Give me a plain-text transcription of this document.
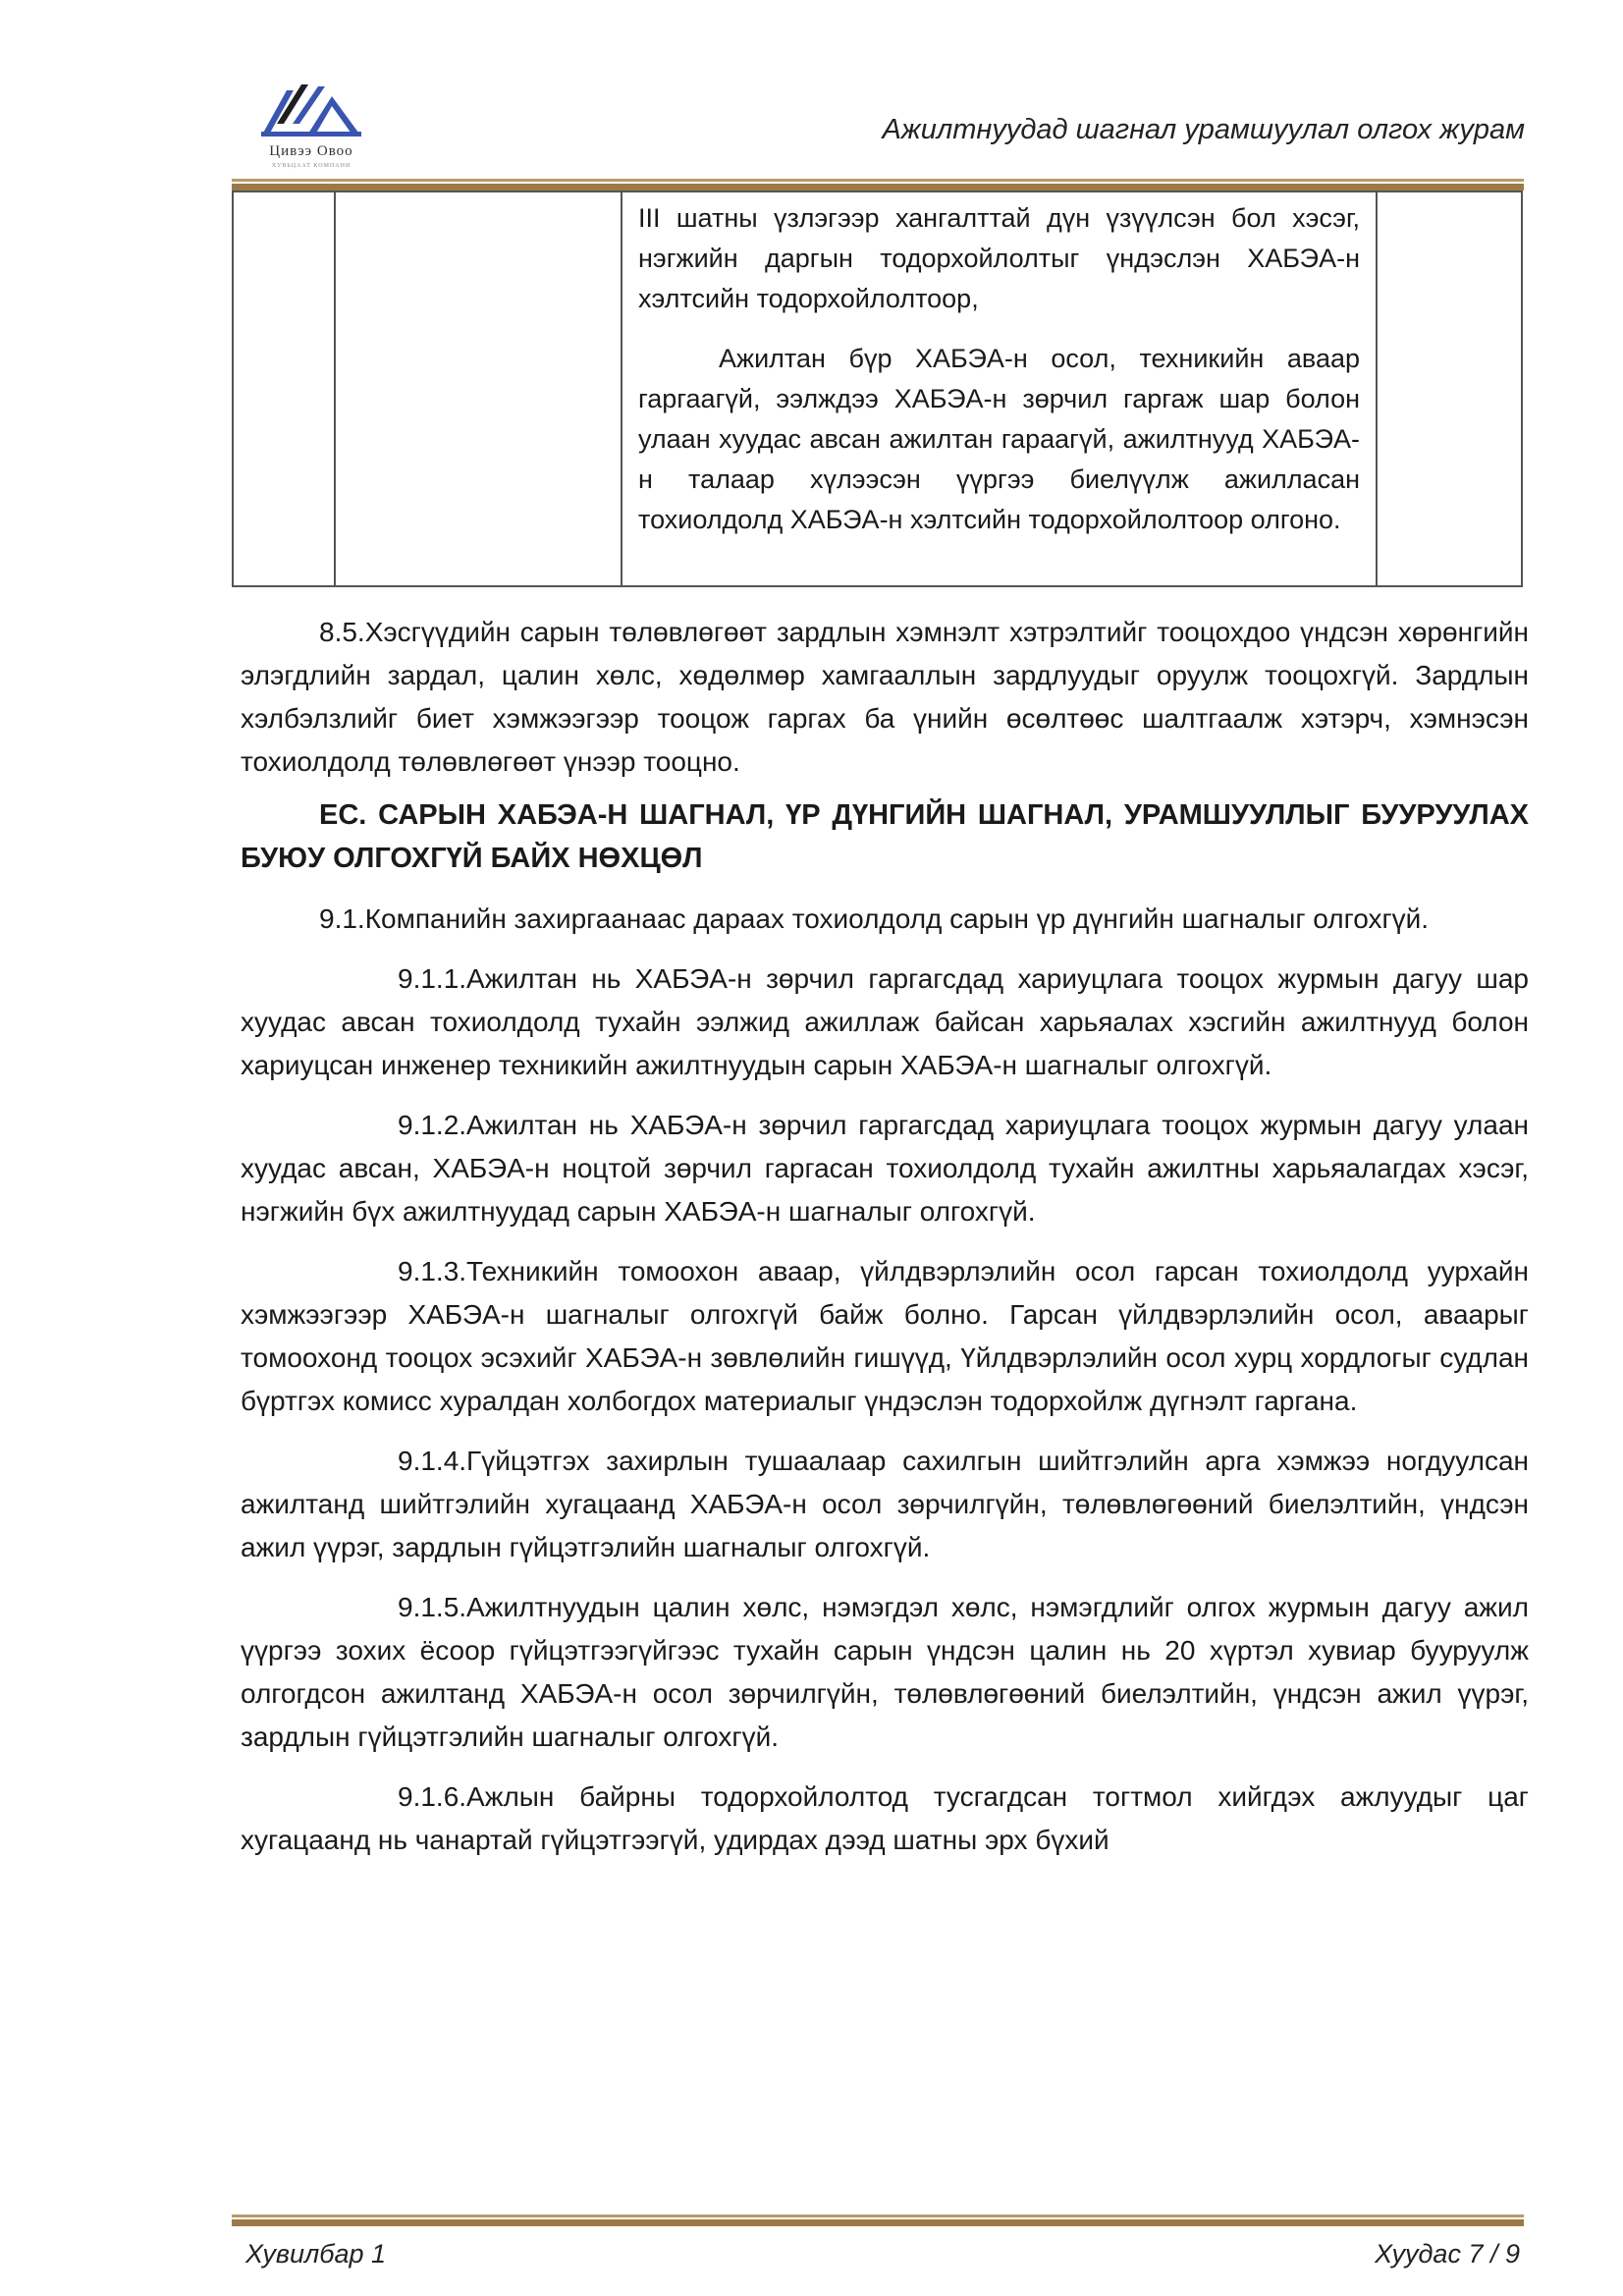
Цивээ Овоо
ХУВЬЦААТ КОМПАНИ
Ажилтнуудад шагнал урамшуулал олгох журам

III шатны үзлэгээр хангалттай дүн үзүүлсэн бол хэсэг, нэгжийн даргын тодорхойлолтыг үндэслэн ХАБЭА-н хэлтсийн тодорхойлолтоор,

Ажилтан бүр ХАБЭА-н осол, техникийн аваар гаргаагүй, ээлждээ ХАБЭА-н зөрчил гаргаж шар болон улаан хуудас авсан ажилтан гараагүй, ажилтнууд ХАБЭА-н талаар хүлээсэн үүргээ биелүүлж ажилласан тохиолдолд ХАБЭА-н хэлтсийн тодорхойлолтоор олгоно.

8.5.Хэсгүүдийн сарын төлөвлөгөөт зардлын хэмнэлт хэтрэлтийг тооцохдоо үндсэн хөрөнгийн элэгдлийн зардал, цалин хөлс, хөдөлмөр хамгааллын зардлуудыг оруулж тооцохгүй. Зардлын хэлбэлзлийг биет хэмжээгээр тооцож гаргах ба үнийн өсөлтөөс шалтгаалж хэтэрч, хэмнэсэн тохиолдолд төлөвлөгөөт үнээр тооцно.

ЕС. САРЫН ХАБЭА-Н ШАГНАЛ, ҮР ДҮНГИЙН ШАГНАЛ, УРАМШУУЛЛЫГ БУУРУУЛАХ БУЮУ ОЛГОХГҮЙ БАЙХ НӨХЦӨЛ

9.1.Компанийн захиргаанаас дараах тохиолдолд сарын үр дүнгийн шагналыг олгохгүй.

9.1.1.Ажилтан нь ХАБЭА-н зөрчил гаргагсдад хариуцлага тооцох журмын дагуу шар хуудас авсан тохиолдолд тухайн ээлжид ажиллаж байсан харьяалах хэсгийн ажилтнууд болон хариуцсан инженер техникийн ажилтнуудын сарын ХАБЭА-н шагналыг олгохгүй.

9.1.2.Ажилтан нь ХАБЭА-н зөрчил гаргагсдад хариуцлага тооцох журмын дагуу улаан хуудас авсан, ХАБЭА-н ноцтой зөрчил гаргасан тохиолдолд тухайн ажилтны харьяалагдах хэсэг, нэгжийн бүх ажилтнуудад сарын ХАБЭА-н шагналыг олгохгүй.

9.1.3.Техникийн томоохон аваар, үйлдвэрлэлийн осол гарсан тохиолдолд уурхайн хэмжээгээр ХАБЭА-н шагналыг олгохгүй байж болно. Гарсан үйлдвэрлэлийн осол, аваарыг томоохонд тооцох эсэхийг ХАБЭА-н зөвлөлийн гишүүд, Үйлдвэрлэлийн осол хурц хордлогыг судлан бүртгэх комисс хуралдан холбогдох материалыг үндэслэн тодорхойлж дүгнэлт гаргана.

9.1.4.Гүйцэтгэх захирлын тушаалаар сахилгын шийтгэлийн арга хэмжээ ногдуулсан ажилтанд шийтгэлийн хугацаанд ХАБЭА-н осол зөрчилгүйн, төлөвлөгөөний биелэлтийн, үндсэн ажил үүрэг, зардлын гүйцэтгэлийн шагналыг олгохгүй.

9.1.5.Ажилтнуудын цалин хөлс, нэмэгдэл хөлс, нэмэгдлийг олгох журмын дагуу ажил үүргээ зохих ёсоор гүйцэтгээгүйгээс тухайн сарын үндсэн цалин нь 20 хүртэл хувиар бууруулж олгогдсон ажилтанд ХАБЭА-н осол зөрчилгүйн, төлөвлөгөөний биелэлтийн, үндсэн ажил үүрэг, зардлын гүйцэтгэлийн шагналыг олгохгүй.

9.1.6.Ажлын байрны тодорхойлолтод тусгагдсан тогтмол хийгдэх ажлуудыг цаг хугацаанд нь чанартай гүйцэтгээгүй, удирдах дээд шатны эрх бүхий

Хувилбар 1	Хуудас 7 / 9
